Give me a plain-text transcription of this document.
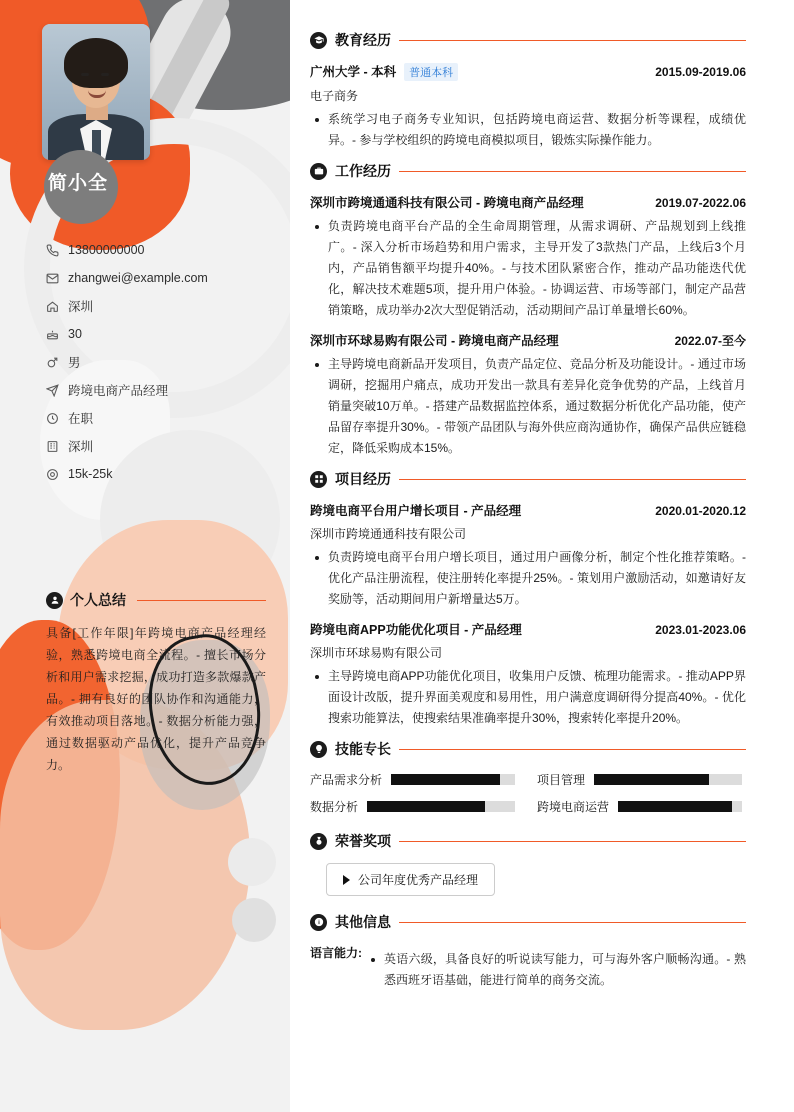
简小全
13800000000
zhangwei@example.com
深圳
30
男
跨境电商产品经理
在职
深圳
15k-25k
个人总结
具备[工作年限]年跨境电商产品经理经验，熟悉跨境电商全流程。- 擅长市场分析和用户需求挖掘，成功打造多款爆款产品。- 拥有良好的团队协作和沟通能力，有效推动项目落地。- 数据分析能力强，通过数据驱动产品优化，提升产品竞争力。
教育经历
广州大学 - 本科	普通本科	2015.09-2019.06
电子商务
系统学习电子商务专业知识，包括跨境电商运营、数据分析等课程，成绩优异。- 参与学校组织的跨境电商模拟项目，锻炼实际操作能力。
工作经历
深圳市跨境通通科技有限公司 - 跨境电商产品经理	2019.07-2022.06
负责跨境电商平台产品的全生命周期管理，从需求调研、产品规划到上线推广。- 深入分析市场趋势和用户需求，主导开发了3款热门产品，上线后3个月内，产品销售额平均提升40%。- 与技术团队紧密合作，推动产品功能迭代优化，解决技术难题5项，提升用户体验。- 协调运营、市场等部门，制定产品营销策略，成功举办2次大型促销活动，活动期间产品订单量增长60%。
深圳市环球易购有限公司 - 跨境电商产品经理	2022.07-至今
主导跨境电商新品开发项目，负责产品定位、竞品分析及功能设计。- 通过市场调研，挖掘用户痛点，成功开发出一款具有差异化竞争优势的产品，上线首月销量突破10万单。- 搭建产品数据监控体系，通过数据分析优化产品功能，使产品留存率提升30%。- 带领产品团队与海外供应商沟通协作，确保产品供应链稳定，降低采购成本15%。
项目经历
跨境电商平台用户增长项目 - 产品经理	2020.01-2020.12
深圳市跨境通通科技有限公司
负责跨境电商平台用户增长项目，通过用户画像分析，制定个性化推荐策略。- 优化产品注册流程，使注册转化率提升25%。- 策划用户激励活动，如邀请好友奖励等，活动期间用户新增量达5万。
跨境电商APP功能优化项目 - 产品经理	2023.01-2023.06
深圳市环球易购有限公司
主导跨境电商APP功能优化项目，收集用户反馈、梳理功能需求。- 推动APP界面设计改版，提升界面美观度和易用性，用户满意度调研得分提高40%。- 优化搜索功能算法，使搜索结果准确率提升30%，搜索转化率提升20%。
技能专长
产品需求分析	项目管理
数据分析	跨境电商运营
荣誉奖项
公司年度优秀产品经理
其他信息
语言能力:	英语六级，具备良好的听说读写能力，可与海外客户顺畅沟通。- 熟悉西班牙语基础，能进行简单的商务交流。
